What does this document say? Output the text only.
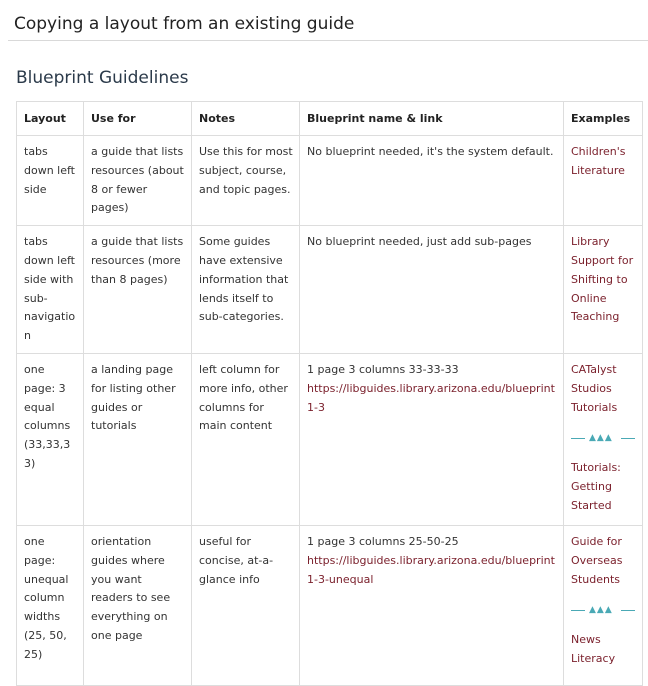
Copying a layout from an existing guide
Blueprint Guidelines
Layout	Use for	Notes	Blueprint name & link	Examples
tabs down left side	a guide that lists resources (about 8 or fewer pages)	Use this for most subject, course, and topic pages.	No blueprint needed, it's the system default.	Children's Literature

tabs down left side with sub-navigation	a guide that lists resources (more than 8 pages)	Some guides have extensive information that lends itself to sub-categories.	No blueprint needed, just add sub-pages	Library Support for Shifting to Online Teaching

one page: 3 equal columns (33,33,33)	a landing page for listing other guides or tutorials	left column for more info, other columns for main content	1 page 3 columns 33-33-33
https://libguides.library.arizona.edu/blueprint1-3	CATalyst Studios Tutorials
▲▲▲
Tutorials: Getting Started

one page: unequal column widths (25, 50, 25)	orientation guides where you want readers to see everything on one page	useful for concise, at-a-glance info	1 page 3 columns 25-50-25
https://libguides.library.arizona.edu/blueprint1-3-unequal	Guide for Overseas Students
▲▲▲
News Literacy
